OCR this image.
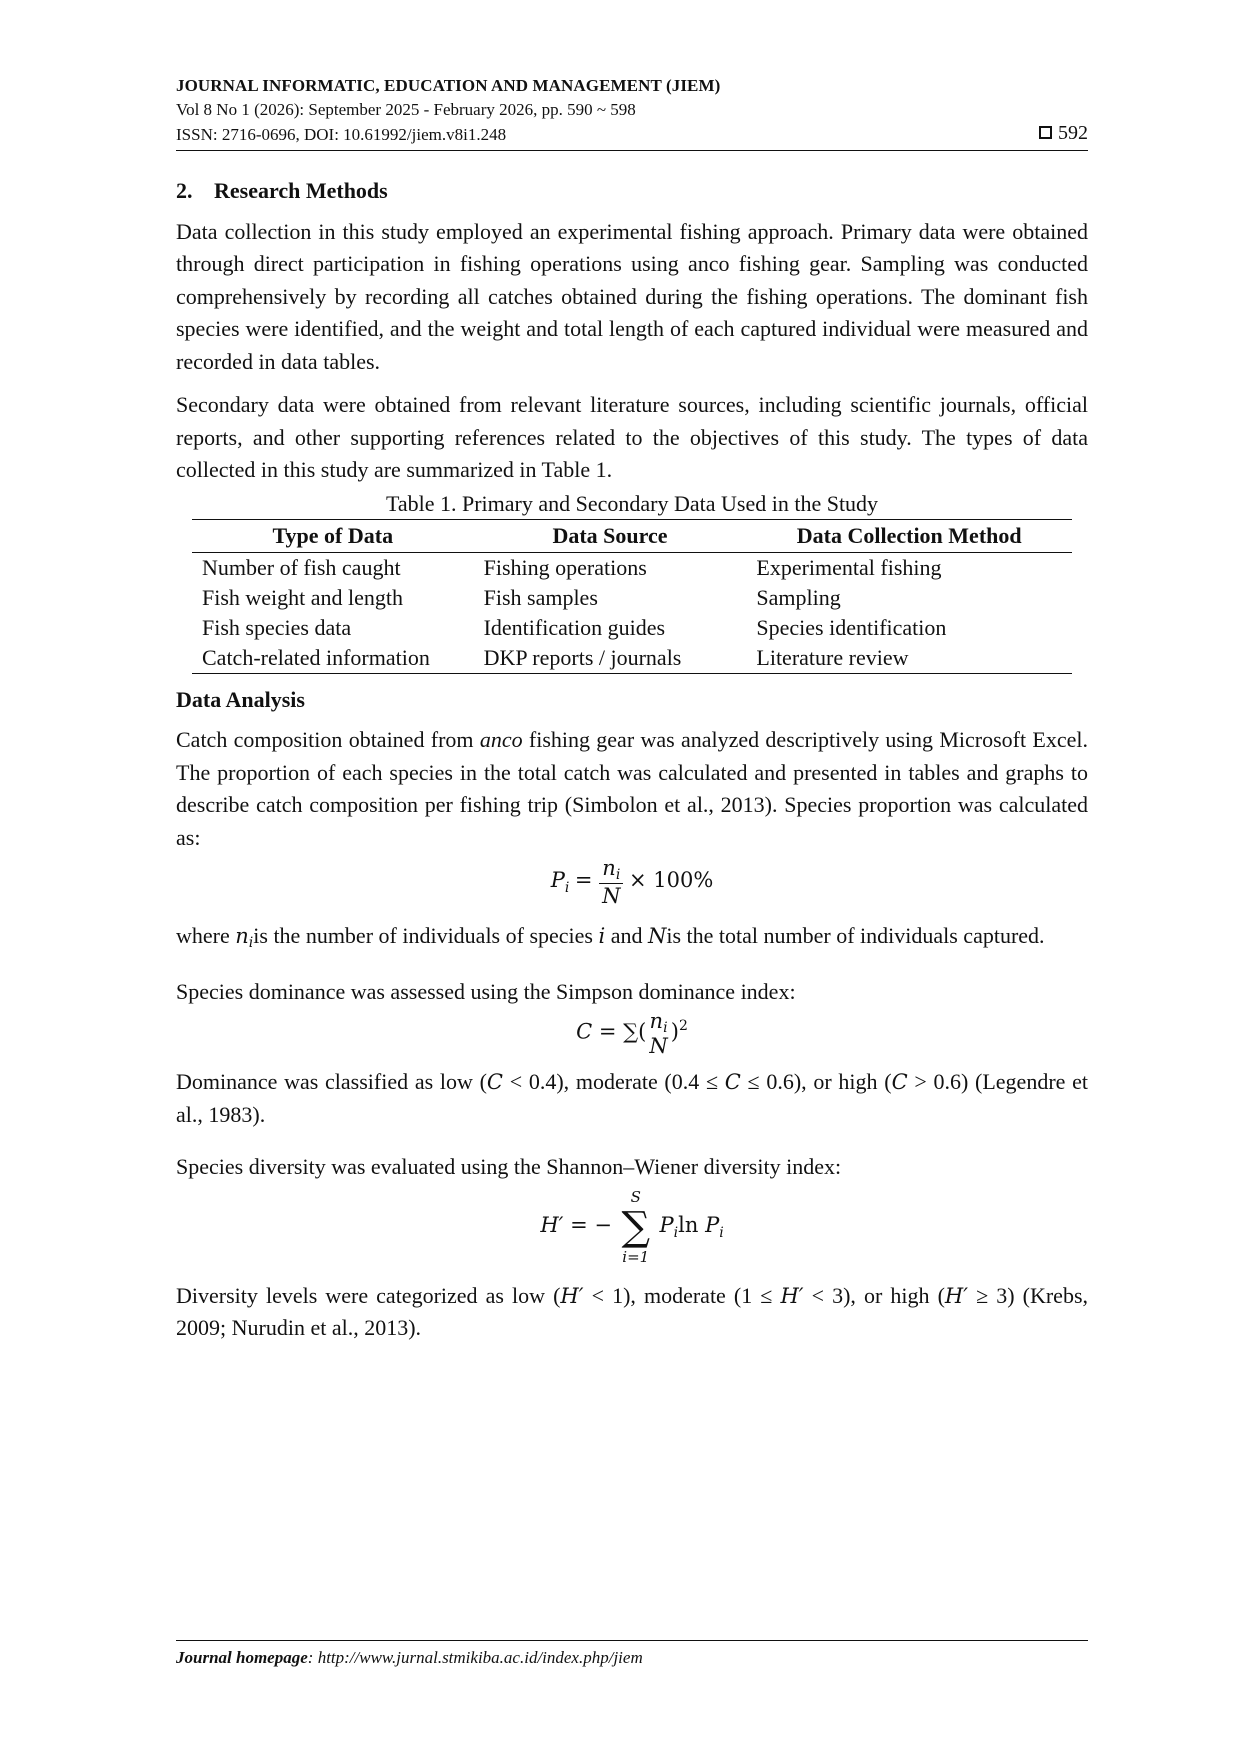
JOURNAL INFORMATIC, EDUCATION AND MANAGEMENT (JIEM)
Vol 8 No 1 (2026): September 2025 - February 2026, pp. 590 ~ 598
ISSN: 2716-0696, DOI: 10.61992/jiem.v8i1.248	592
2. Research Methods

Data collection in this study employed an experimental fishing approach. Primary data were obtained through direct participation in fishing operations using anco fishing gear. Sampling was conducted comprehensively by recording all catches obtained during the fishing operations. The dominant fish species were identified, and the weight and total length of each captured individual were measured and recorded in data tables.

Secondary data were obtained from relevant literature sources, including scientific journals, official reports, and other supporting references related to the objectives of this study. The types of data collected in this study are summarized in Table 1.

Table 1. Primary and Secondary Data Used in the Study
Type of Data	Data Source	Data Collection Method
Number of fish caught	Fishing operations	Experimental fishing
Fish weight and length	Fish samples	Sampling
Fish species data	Identification guides	Species identification
Catch-related information	DKP reports / journals	Literature review
Data Analysis

Catch composition obtained from anco fishing gear was analyzed descriptively using Microsoft Excel. The proportion of each species in the total catch was calculated and presented in tables and graphs to describe catch composition per fishing trip (Simbolon et al., 2013). Species proportion was calculated as:

$P_i = \frac{ni}{N} \times 100\%$

where niis the number of individuals of species i and Nis the total number of individuals captured.

Species dominance was assessed using the Simpson dominance index:

C = ∑( ni
N
)$^2$

Dominance was classified as low (C < 0.4), moderate (0.4 ≤ C ≤ 0.6), or high (C > 0.6) (Legendre et al., 1983).

Species diversity was evaluated using the Shannon–Wiener diversity index:

H′ = −
S
∑
i=1
$P_i\ln$ $P_i$

Diversity levels were categorized as low (H′ < 1), moderate (1 ≤ H′ < 3), or high (H′ ≥ 3) (Krebs, 2009; Nurudin et al., 2013).

Journal homepage: http://www.jurnal.stmikiba.ac.id/index.php/jiem
